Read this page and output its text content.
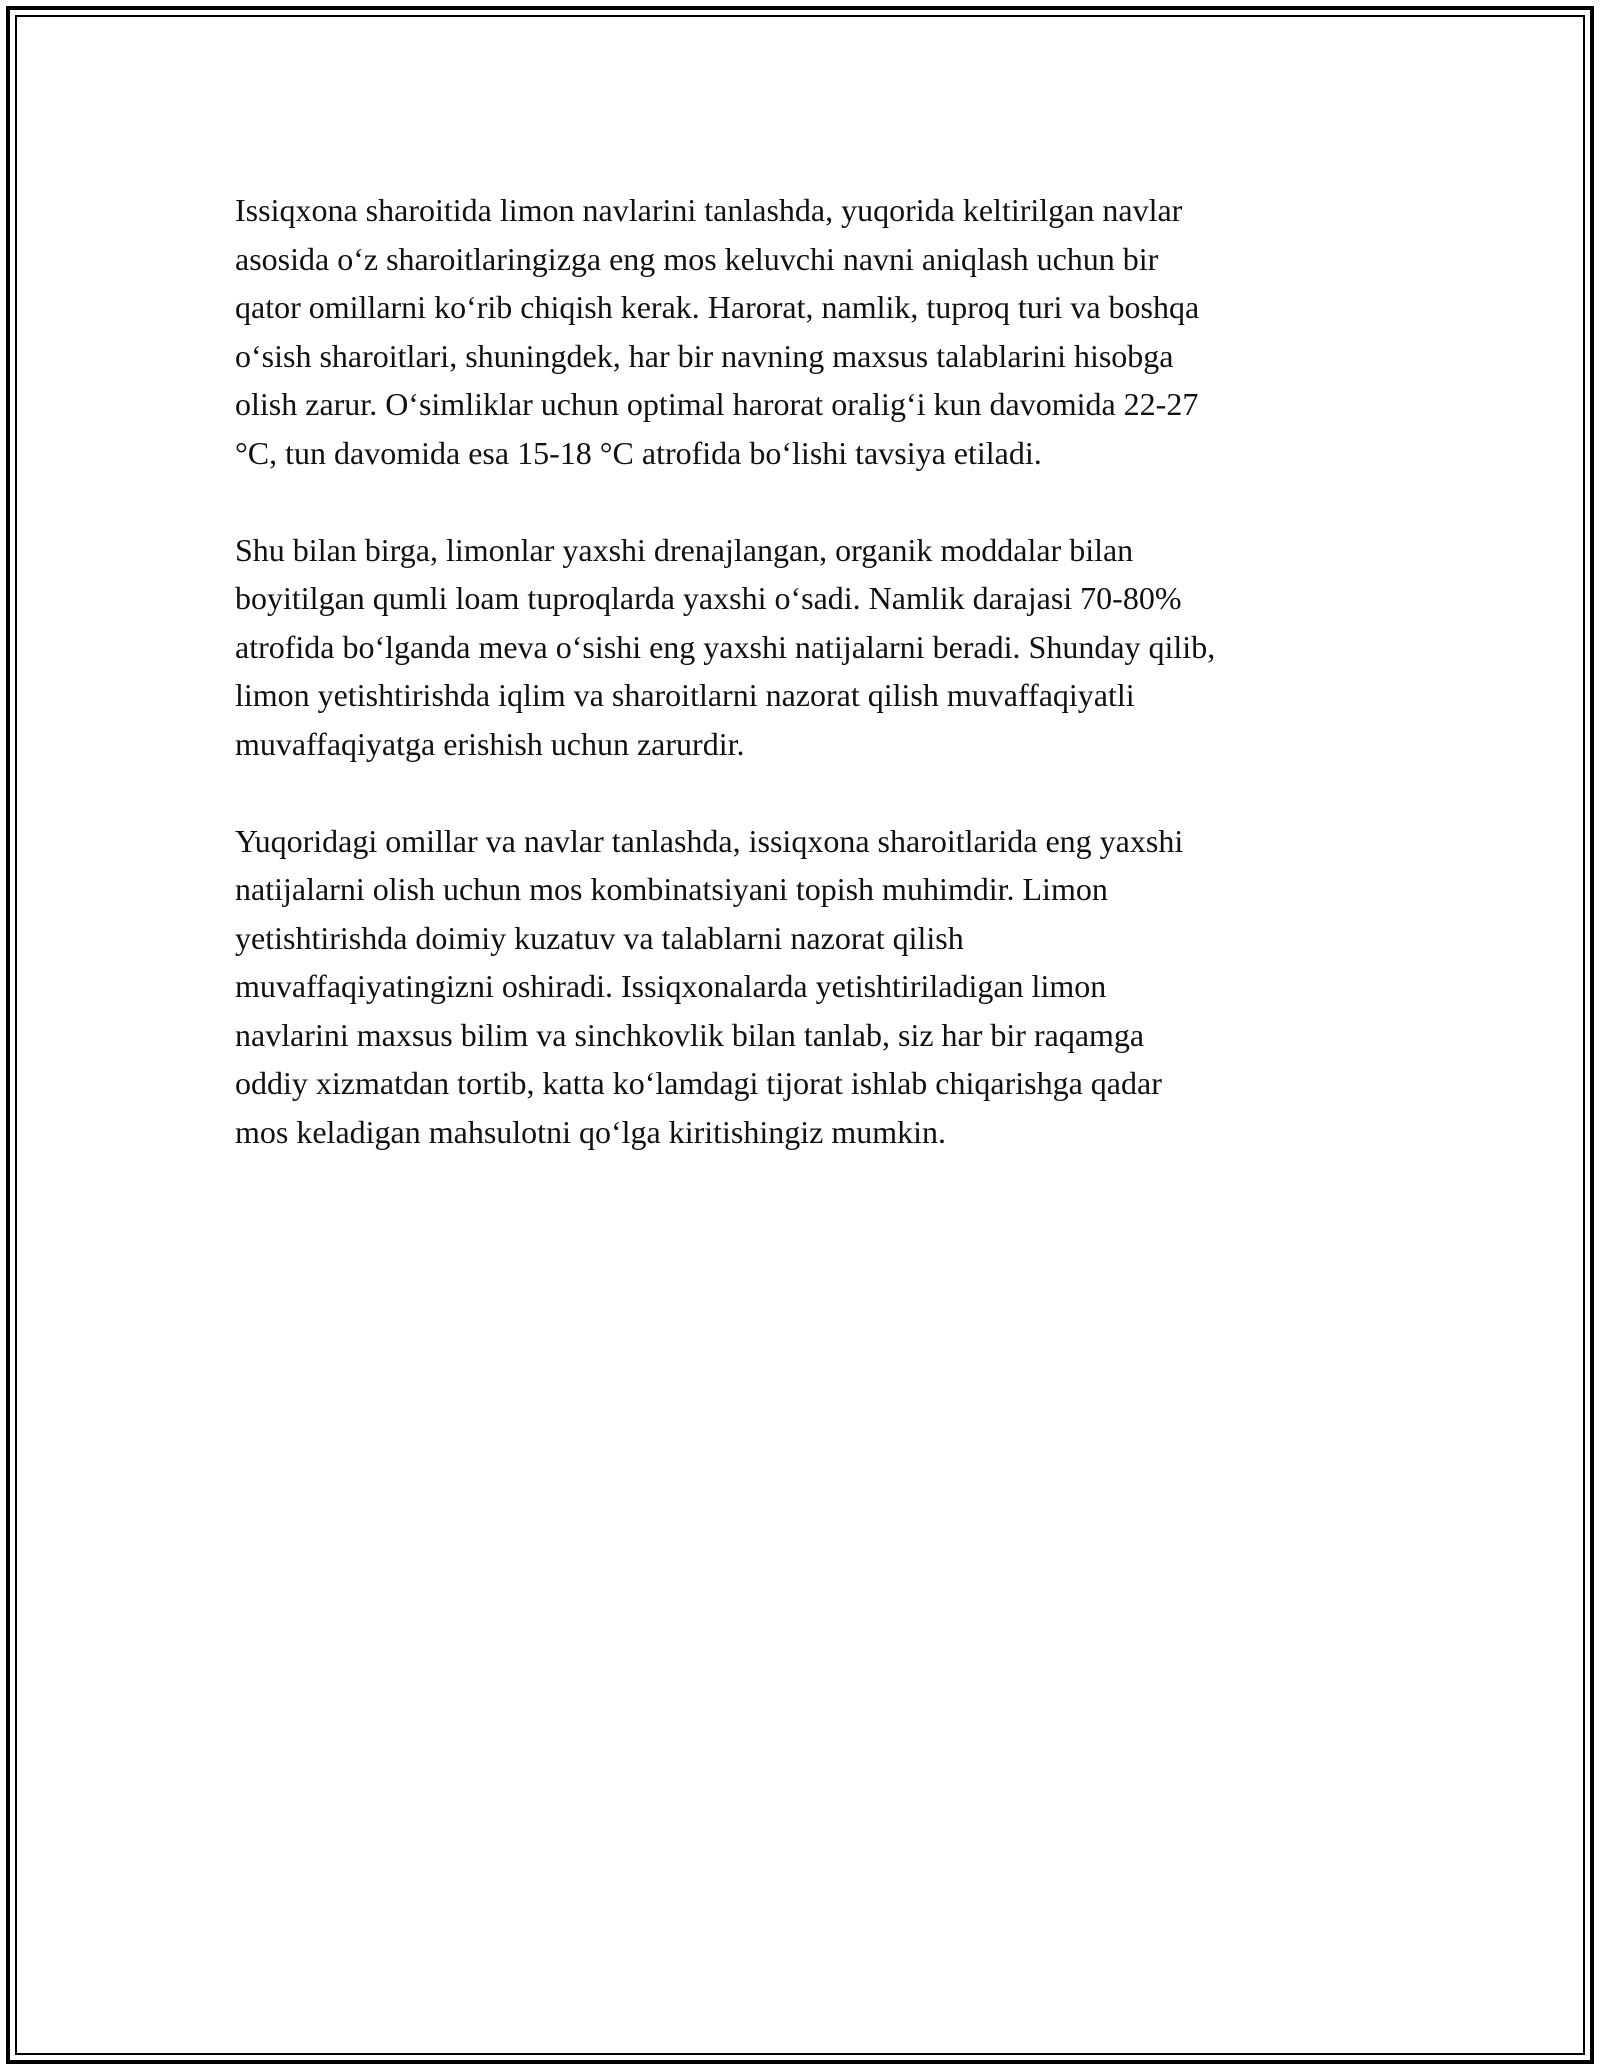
Issiqxona sharoitida limon navlarini tanlashda, yuqorida keltirilgan navlar
asosida oʻz sharoitlaringizga eng mos keluvchi navni aniqlash uchun bir
qator omillarni koʻrib chiqish kerak. Harorat, namlik, tuproq turi va boshqa
oʻsish sharoitlari, shuningdek, har bir navning maxsus talablarini hisobga
olish zarur. Oʻsimliklar uchun optimal harorat oraligʻi kun davomida 22-27
°C, tun davomida esa 15-18 °C atrofida boʻlishi tavsiya etiladi.

Shu bilan birga, limonlar yaxshi drenajlangan, organik moddalar bilan
boyitilgan qumli loam tuproqlarda yaxshi oʻsadi. Namlik darajasi 70-80%
atrofida boʻlganda meva oʻsishi eng yaxshi natijalarni beradi. Shunday qilib,
limon yetishtirishda iqlim va sharoitlarni nazorat qilish muvaffaqiyatli
muvaffaqiyatga erishish uchun zarurdir.

Yuqoridagi omillar va navlar tanlashda, issiqxona sharoitlarida eng yaxshi
natijalarni olish uchun mos kombinatsiyani topish muhimdir. Limon
yetishtirishda doimiy kuzatuv va talablarni nazorat qilish
muvaffaqiyatingizni oshiradi. Issiqxonalarda yetishtiriladigan limon
navlarini maxsus bilim va sinchkovlik bilan tanlab, siz har bir raqamga
oddiy xizmatdan tortib, katta koʻlamdagi tijorat ishlab chiqarishga qadar
mos keladigan mahsulotni qoʻlga kiritishingiz mumkin.
